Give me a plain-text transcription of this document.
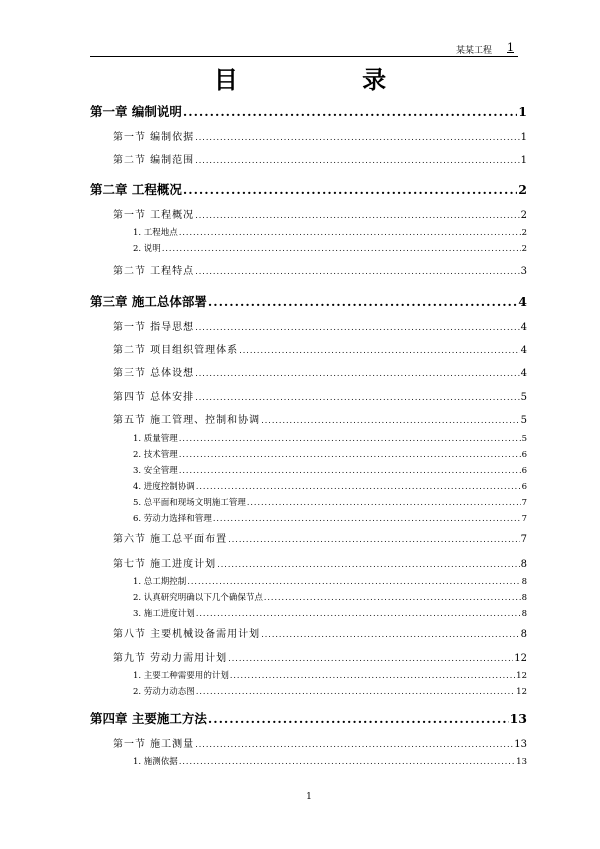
某某工程 1
目 录
第一章 编制说明 .....	1
第一节 编制依据 .....	1
第二节 编制范围 .....	1
第二章 工程概况 .....	2
第一节 工程概况 .....	2
1. 工程地点 .....	2
2. 说明 .....	2
第二节 工程特点 .....	3
第三章 施工总体部署 .....	4
第一节 指导思想 .....	4
第二节 项目组织管理体系 .....	4
第三节 总体设想 .....	4
第四节 总体安排 .....	5
第五节 施工管理、控制和协调 .....	5
1. 质量管理 .....	5
2. 技术管理 .....	6
3. 安全管理 .....	6
4. 进度控制协调 .....	6
5. 总平面和现场文明施工管理 .....	7
6. 劳动力选择和管理 .....	7
第六节 施工总平面布置 .....	7
第七节 施工进度计划 .....	8
1. 总工期控制 .....	8
2. 认真研究明确以下几个确保节点 .....	8
3. 施工进度计划 .....	8
第八节 主要机械设备需用计划 .....	8
第九节 劳动力需用计划 .....	12
1. 主要工种需要用的计划 .....	12
2. 劳动力动态图 .....	12
第四章 主要施工方法 .....	13
第一节 施工测量 .....	13
1. 施测依据 .....	13
1
